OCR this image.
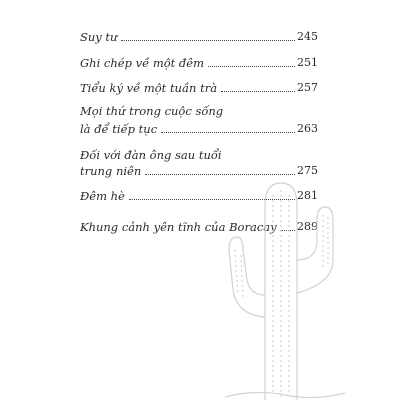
Suy tư	245
Ghi chép về một đêm	251
Tiểu ký về một tuần trà	257
Mọi thứ trong cuộc sống
là để tiếp tục	263
Đối với đàn ông sau tuổi
trung niên	275
Đêm hè	281
Khung cảnh yên tĩnh của Boracay 289
